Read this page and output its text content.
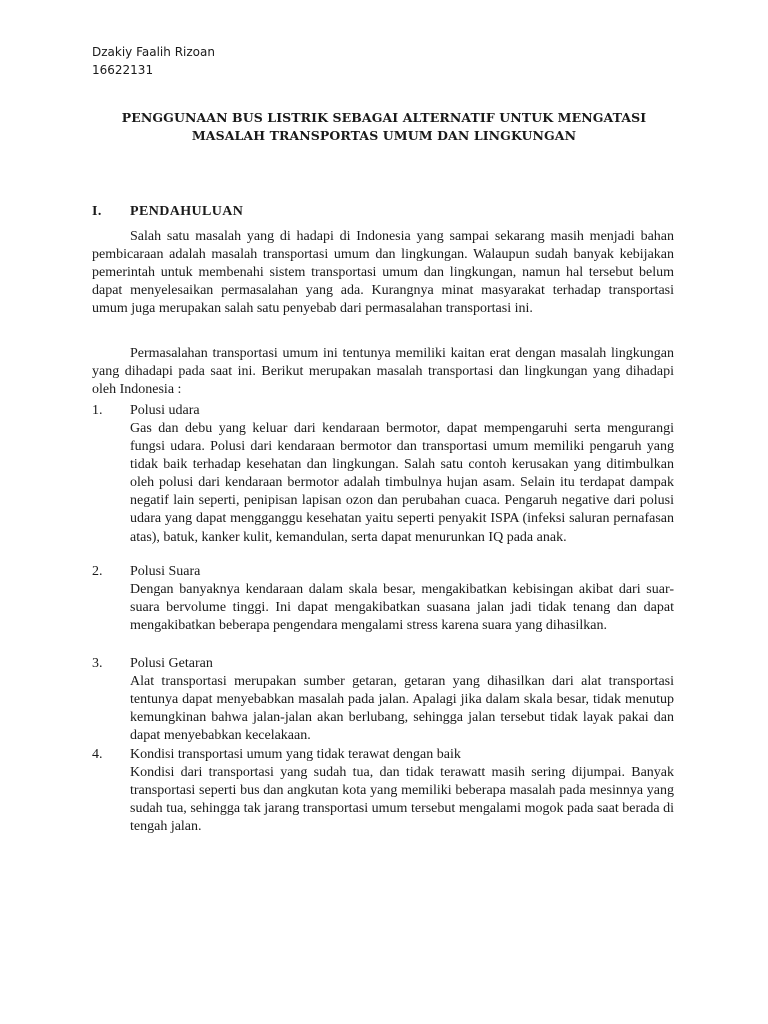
Dzakiy Faalih Rizoan
16622131
PENGGUNAAN BUS LISTRIK SEBAGAI ALTERNATIF UNTUK MENGATASI
MASALAH TRANSPORTAS UMUM DAN LINGKUNGAN
I. PENDAHULUAN

Salah satu masalah yang di hadapi di Indonesia yang sampai sekarang masih menjadi bahan pembicaraan adalah masalah transportasi umum dan lingkungan. Walaupun sudah banyak kebijakan pemerintah untuk membenahi sistem transportasi umum dan lingkungan, namun hal tersebut belum dapat menyelesaikan permasalahan yang ada. Kurangnya minat masyarakat terhadap transportasi umum juga merupakan salah satu penyebab dari permasalahan transportasi ini.

Permasalahan transportasi umum ini tentunya memiliki kaitan erat dengan masalah lingkungan yang dihadapi pada saat ini. Berikut merupakan masalah transportasi dan lingkungan yang dihadapi oleh Indonesia :

1. Polusi udara

Gas dan debu yang keluar dari kendaraan bermotor, dapat mempengaruhi serta mengurangi fungsi udara. Polusi dari kendaraan bermotor dan transportasi umum memiliki pengaruh yang tidak baik terhadap kesehatan dan lingkungan. Salah satu contoh kerusakan yang ditimbulkan oleh polusi dari kendaraan bermotor adalah timbulnya hujan asam. Selain itu terdapat dampak negatif lain seperti, penipisan lapisan ozon dan perubahan cuaca. Pengaruh negative dari polusi udara yang dapat mengganggu kesehatan yaitu seperti penyakit ISPA (infeksi saluran pernafasan atas), batuk, kanker kulit, kemandulan, serta dapat menurunkan IQ pada anak.

2. Polusi Suara

Dengan banyaknya kendaraan dalam skala besar, mengakibatkan kebisingan akibat dari suar-suara bervolume tinggi. Ini dapat mengakibatkan suasana jalan jadi tidak tenang dan dapat mengakibatkan beberapa pengendara mengalami stress karena suara yang dihasilkan.

3. Polusi Getaran

Alat transportasi merupakan sumber getaran, getaran yang dihasilkan dari alat transportasi tentunya dapat menyebabkan masalah pada jalan. Apalagi jika dalam skala besar, tidak menutup kemungkinan bahwa jalan-jalan akan berlubang, sehingga jalan tersebut tidak layak pakai dan dapat menyebabkan kecelakaan.

4. Kondisi transportasi umum yang tidak terawat dengan baik

Kondisi dari transportasi yang sudah tua, dan tidak terawatt masih sering dijumpai. Banyak transportasi seperti bus dan angkutan kota yang memiliki beberapa masalah pada mesinnya yang sudah tua, sehingga tak jarang transportasi umum tersebut mengalami mogok pada saat berada di tengah jalan.
